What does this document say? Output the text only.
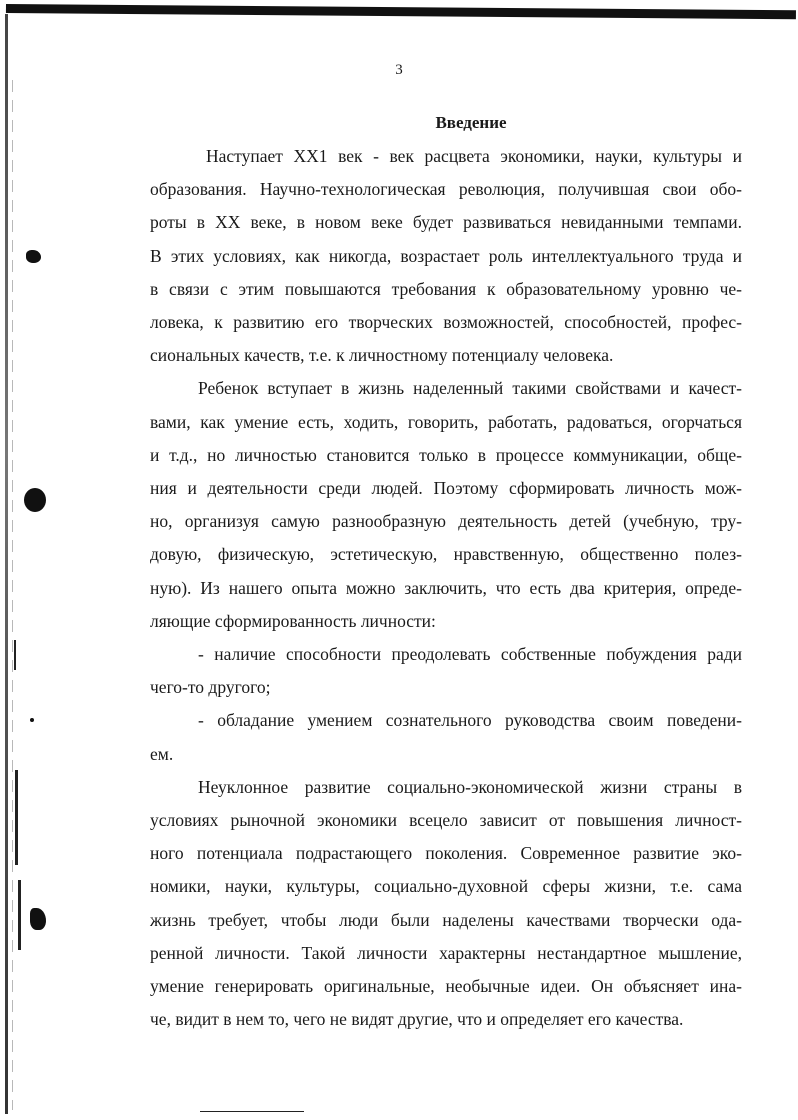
3
Введение

Наступает ХХ1 век - век расцвета экономики, науки, культуры и

образования. Научно-технологическая революция, получившая свои обо-

роты в ХХ веке, в новом веке будет развиваться невиданными темпами.

В этих условиях, как никогда, возрастает роль интеллектуального труда и

в связи с этим повышаются требования к образовательному уровню че-

ловека, к развитию его творческих возможностей, способностей, профес-

сиональных качеств, т.е. к личностному потенциалу человека.

Ребенок вступает в жизнь наделенный такими свойствами и качест-

вами, как умение есть, ходить, говорить, работать, радоваться, огорчаться

и т.д., но личностью становится только в процессе коммуникации, обще-

ния и деятельности среди людей. Поэтому сформировать личность мож-

но, организуя самую разнообразную деятельность детей (учебную, тру-

довую, физическую, эстетическую, нравственную, общественно полез-

ную). Из нашего опыта можно заключить, что есть два критерия, опреде-

ляющие сформированность личности:

- наличие способности преодолевать собственные побуждения ради

чего-то другого;

- обладание умением сознательного руководства своим поведени-

ем.

Неуклонное развитие социально-экономической жизни страны в

условиях рыночной экономики всецело зависит от повышения личност-

ного потенциала подрастающего поколения. Современное развитие эко-

номики, науки, культуры, социально-духовной сферы жизни, т.е. сама

жизнь требует, чтобы люди были наделены качествами творчески ода-

ренной личности. Такой личности характерны нестандартное мышление,

умение генерировать оригинальные, необычные идеи. Он объясняет ина-

че, видит в нем то, чего не видят другие, что и определяет его качества.
